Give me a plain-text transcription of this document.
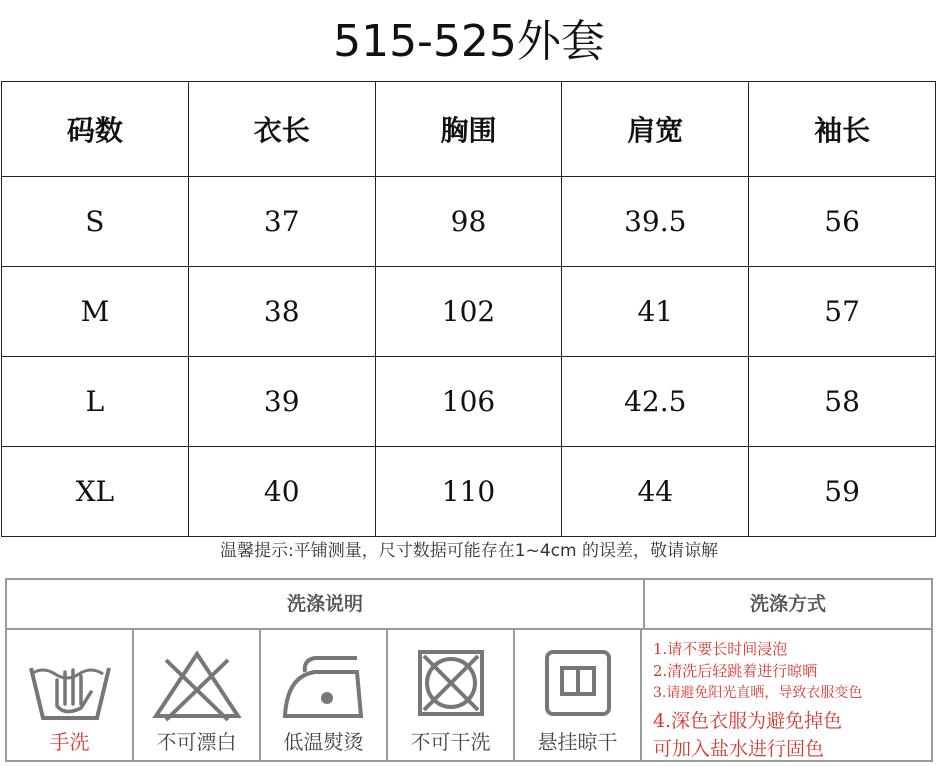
515-525外套
码数	衣长	胸围	肩宽	袖长
S	37	98	39.5	56
M	38	102	41	57
L	39	106	42.5	58
XL	40	110	44	59
温馨提示:平铺测量，尺寸数据可能存在1~4cm 的误差，敬请谅解
洗涤说明	洗涤方式
手洗	不可漂白	低温熨烫	不可干洗	悬挂晾干
1.请不要长时间浸泡
2.清洗后轻跳着进行晾晒
3.请避免阳光直晒，导致衣服变色
4.深色衣服为避免掉色
可加入盐水进行固色
